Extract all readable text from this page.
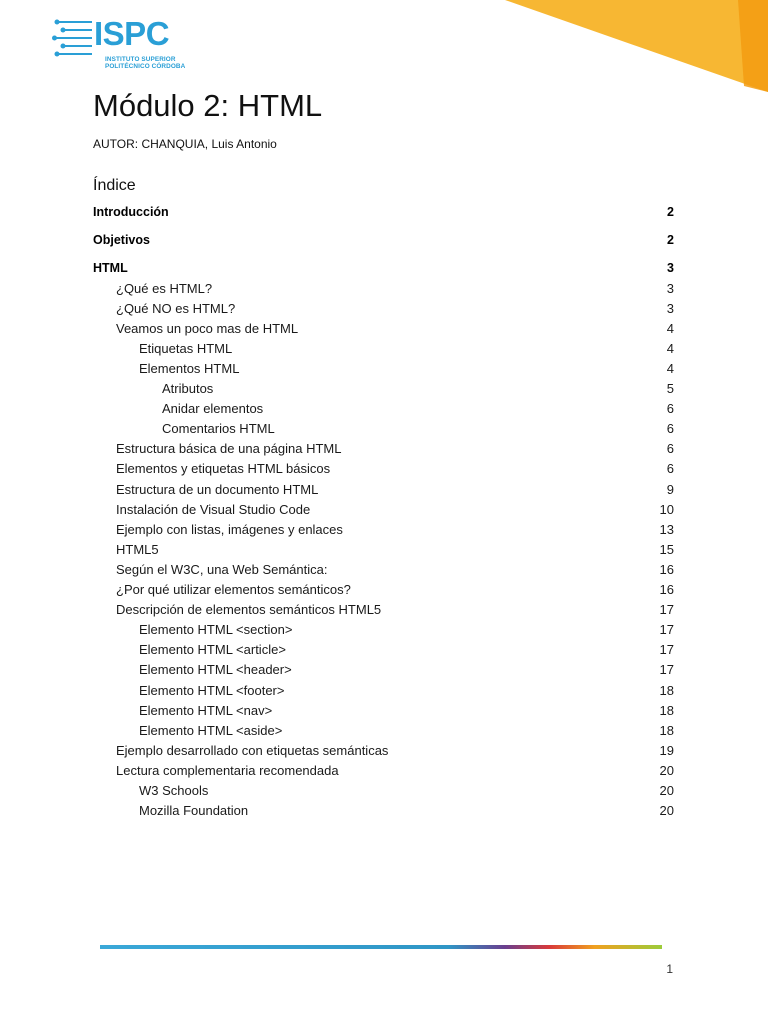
ISPC
INSTITUTO SUPERIOR
POLITÉCNICO CÓRDOBA
Módulo 2: HTML
AUTOR: CHANQUIA, Luis Antonio
Índice
Introducción	2
Objetivos	2
HTML	3
¿Qué es HTML?	3
¿Qué NO es HTML?	3
Veamos un poco mas de HTML	4
Etiquetas HTML	4
Elementos HTML	4
Atributos	5
Anidar elementos	6
Comentarios HTML	6
Estructura básica de una página HTML	6
Elementos y etiquetas HTML básicos	6
Estructura de un documento HTML	9
Instalación de Visual Studio Code	10
Ejemplo con listas, imágenes y enlaces	13
HTML5	15
Según el W3C, una Web Semántica:	16
¿Por qué utilizar elementos semánticos?	16
Descripción de elementos semánticos HTML5	17
Elemento HTML <section>	17
Elemento HTML <article>	17
Elemento HTML <header>	17
Elemento HTML <footer>	18
Elemento HTML <nav>	18
Elemento HTML <aside>	18
Ejemplo desarrollado con etiquetas semánticas	19
Lectura complementaria recomendada	20
W3 Schools	20
Mozilla Foundation	20
1
